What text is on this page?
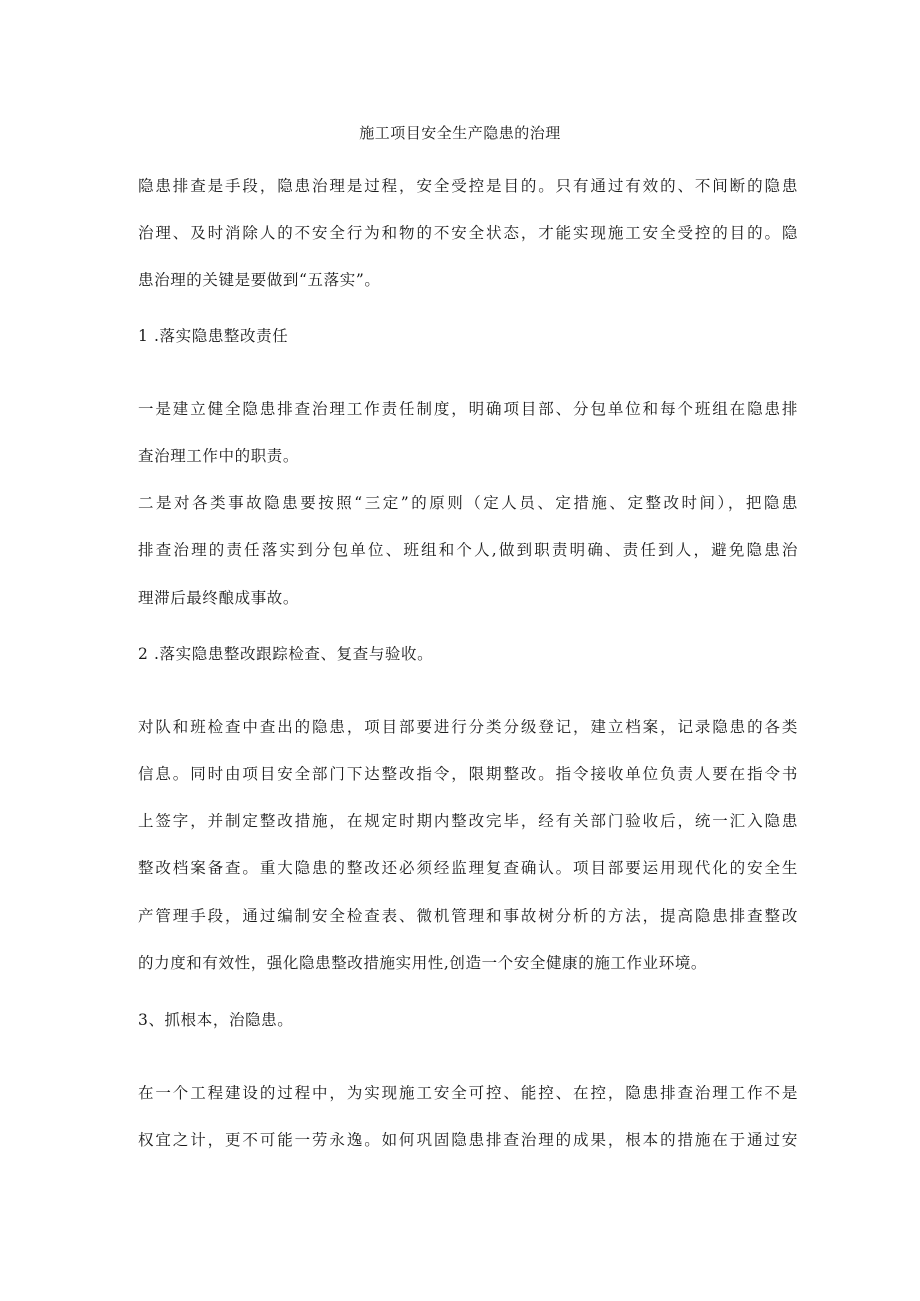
施工项目安全生产隐患的治理
隐患排查是手段，隐患治理是过程，安全受控是目的。只有通过有效的、不间断的隐患
治理、及时消除人的不安全行为和物的不安全状态，才能实现施工安全受控的目的。隐
患治理的关键是要做到“五落实”。
1 .落实隐患整改责任
一是建立健全隐患排查治理工作责任制度，明确项目部、分包单位和每个班组在隐患排
查治理工作中的职责。
二是对各类事故隐患要按照“三定”的原则（定人员、定措施、定整改时间），把隐患
排查治理的责任落实到分包单位、班组和个人,做到职责明确、责任到人，避免隐患治
理滞后最终酿成事故。
2 .落实隐患整改跟踪检查、复查与验收。
对队和班检查中查出的隐患，项目部要进行分类分级登记，建立档案，记录隐患的各类
信息。同时由项目安全部门下达整改指令，限期整改。指令接收单位负责人要在指令书
上签字，并制定整改措施，在规定时期内整改完毕，经有关部门验收后，统一汇入隐患
整改档案备查。重大隐患的整改还必须经监理复查确认。项目部要运用现代化的安全生
产管理手段，通过编制安全检查表、微机管理和事故树分析的方法，提高隐患排查整改
的力度和有效性，强化隐患整改措施实用性,创造一个安全健康的施工作业环境。
3、抓根本，治隐患。
在一个工程建设的过程中，为实现施工安全可控、能控、在控，隐患排查治理工作不是
权宜之计，更不可能一劳永逸。如何巩固隐患排查治理的成果，根本的措施在于通过安
